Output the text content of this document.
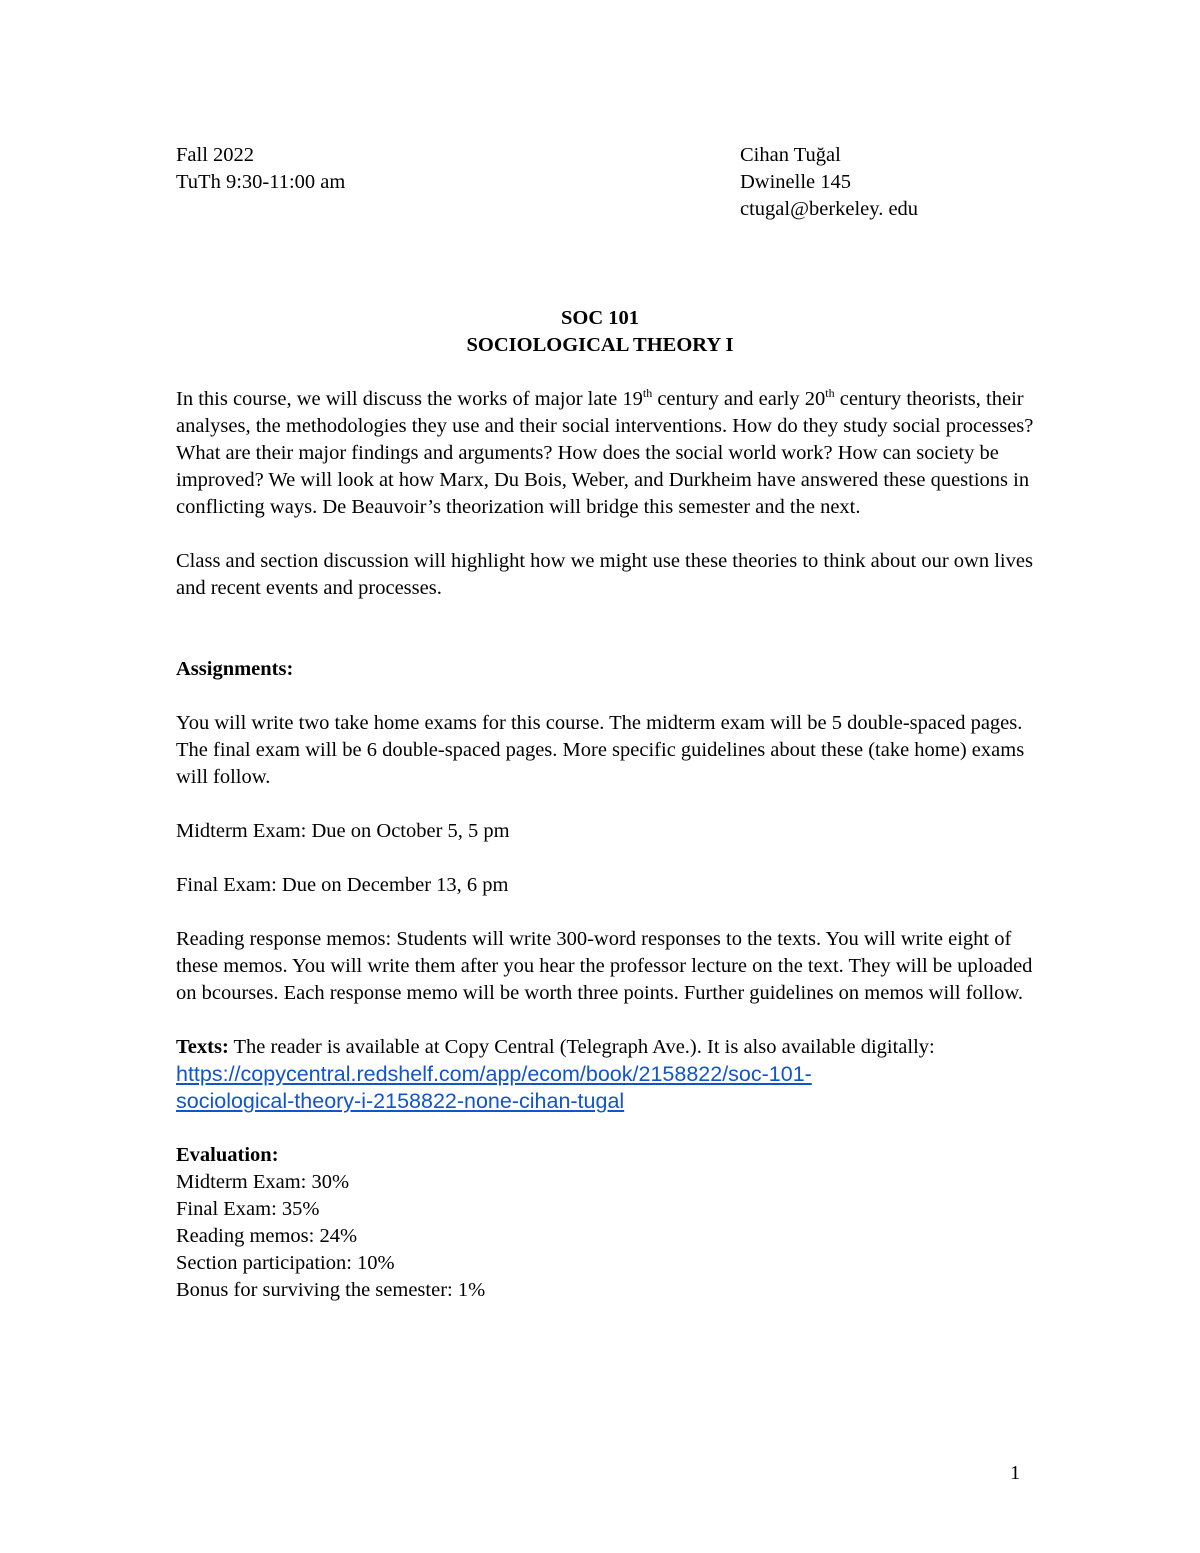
Fall 2022
TuTh 9:30-11:00 am
Cihan Tuğal
Dwinelle 145
ctugal@berkeley. edu
SOC 101
SOCIOLOGICAL THEORY I

In this course, we will discuss the works of major late 19th century and early 20th century theorists, their analyses, the methodologies they use and their social interventions. How do they study social processes? What are their major findings and arguments? How does the social world work? How can society be improved? We will look at how Marx, Du Bois, Weber, and Durkheim have answered these questions in conflicting ways. De Beauvoir’s theorization will bridge this semester and the next.

Class and section discussion will highlight how we might use these theories to think about our own lives and recent events and processes.

Assignments:

You will write two take home exams for this course. The midterm exam will be 5 double-spaced pages. The final exam will be 6 double-spaced pages. More specific guidelines about these (take home) exams will follow.

Midterm Exam: Due on October 5, 5 pm

Final Exam: Due on December 13, 6 pm

Reading response memos: Students will write 300-word responses to the texts. You will write eight of these memos. You will write them after you hear the professor lecture on the text. They will be uploaded on bcourses. Each response memo will be worth three points. Further guidelines on memos will follow.

Texts: The reader is available at Copy Central (Telegraph Ave.). It is also available digitally:

https://copycentral.redshelf.com/app/ecom/book/2158822/soc-101-
sociological-theory-i-2158822-none-cihan-tugal

Evaluation:

Midterm Exam: 30%

Final Exam: 35%

Reading memos: 24%

Section participation: 10%

Bonus for surviving the semester: 1%

1
